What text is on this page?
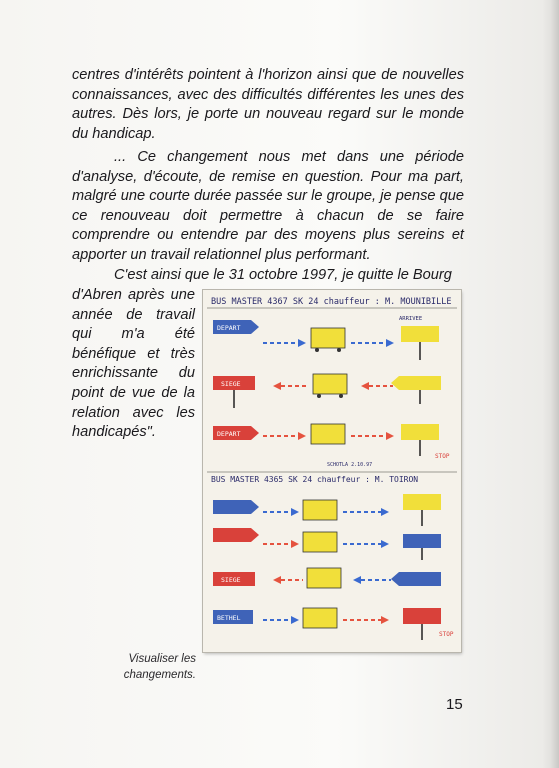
centres d'intérêts pointent à l'horizon ainsi que de nouvelles connaissances, avec des difficultés différentes les unes des autres. Dès lors, je porte un nouveau regard sur le monde du handicap.
... Ce changement nous met dans une période d'analyse, d'écoute, de remise en question. Pour ma part, malgré une courte durée passée sur le groupe, je pense que ce renouveau doit permettre à chacun de se faire comprendre ou entendre par des moyens plus sereins et apporter un travail relationnel plus performant.
C'est ainsi que le 31 octobre 1997, je quitte le Bourg
d'Abren après une année de travail qui m'a été bénéfique et très enrichissante du point de vue de la relation avec les handicapés".
BUS MASTER 4367 SK 24 chauffeur : M. MOUNIBILLE
DEPART
ARRIVEE
SIEGE
DEPART
STOP
SCHOTLA 2.10.97
BUS MASTER 4365 SK 24 chauffeur : M. TOIRON
SIEGE
BETHEL
STOP
Visualiser les changements.
15
